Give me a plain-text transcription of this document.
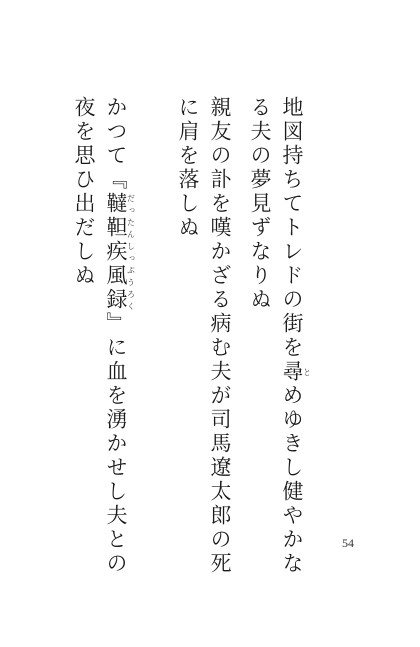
地図持ちてトレドの街を尋とめゆきし健やかな
る夫の夢見ずなりぬ
親友の訃を嘆かざる病む夫が司馬遼太郎の死
に肩を落しぬ
かつて『韃だっ靼たん疾しっ風ぷう録ろく』に血を湧かせし夫との
夜を思ひ出だしぬ
54
